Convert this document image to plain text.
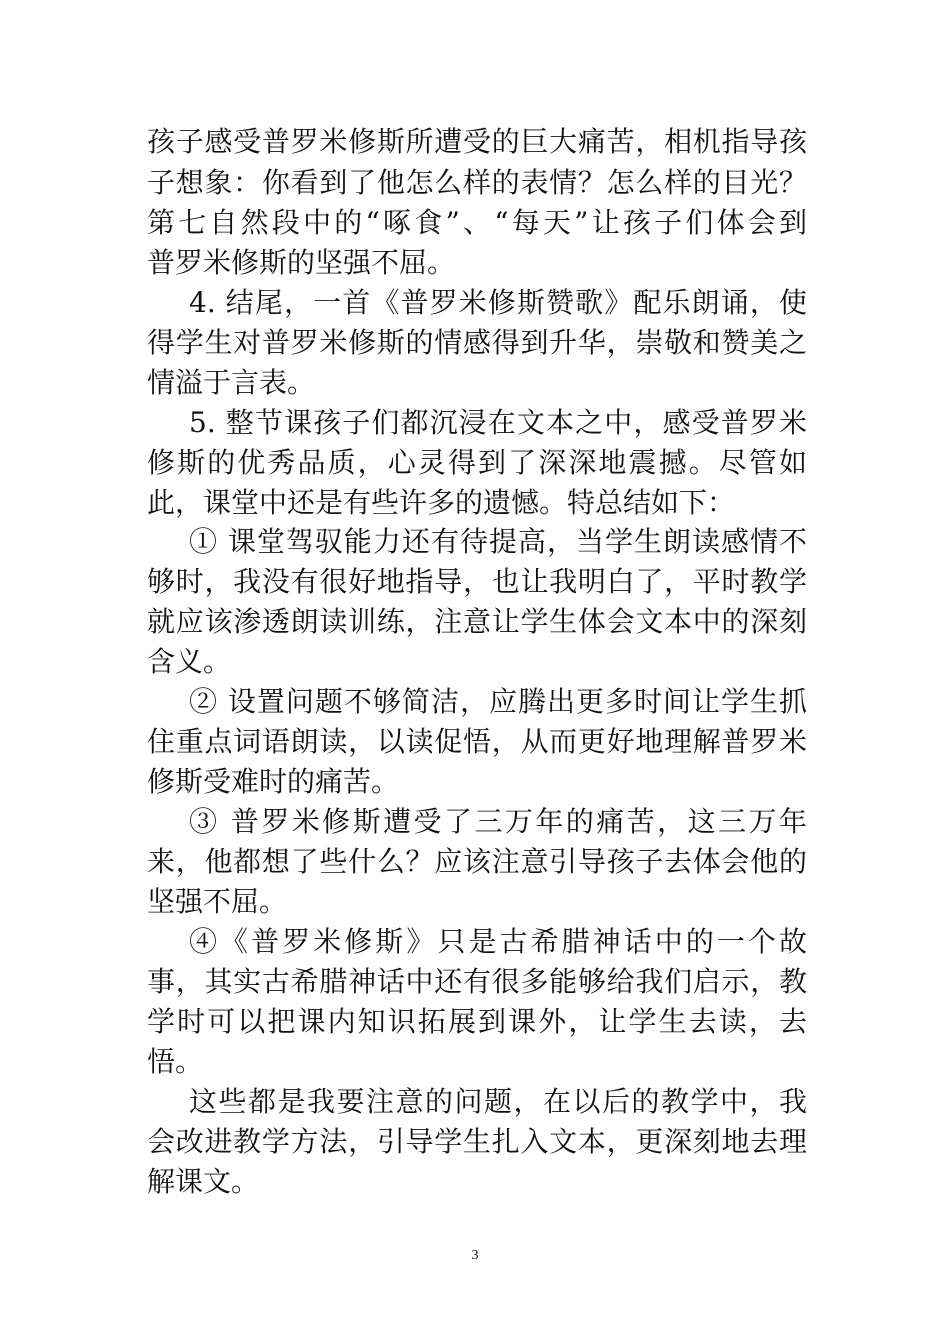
孩子感受普罗米修斯所遭受的巨大痛苦，相机指导孩
子想象：你看到了他怎么样的表情？怎么样的目光？
第七自然段中的“啄食”、“每天”让孩子们体会到
普罗米修斯的坚强不屈。
4. 结尾，一首《普罗米修斯赞歌》配乐朗诵，使
得学生对普罗米修斯的情感得到升华，崇敬和赞美之
情溢于言表。
5. 整节课孩子们都沉浸在文本之中，感受普罗米
修斯的优秀品质，心灵得到了深深地震撼。尽管如
此，课堂中还是有些许多的遗憾。特总结如下：
① 课堂驾驭能力还有待提高，当学生朗读感情不
够时，我没有很好地指导，也让我明白了，平时教学
就应该渗透朗读训练，注意让学生体会文本中的深刻
含义。
② 设置问题不够简洁，应腾出更多时间让学生抓
住重点词语朗读，以读促悟，从而更好地理解普罗米
修斯受难时的痛苦。
③ 普罗米修斯遭受了三万年的痛苦，这三万年
来，他都想了些什么？应该注意引导孩子去体会他的
坚强不屈。
④《普罗米修斯》只是古希腊神话中的一个故
事，其实古希腊神话中还有很多能够给我们启示，教
学时可以把课内知识拓展到课外，让学生去读，去
悟。
这些都是我要注意的问题，在以后的教学中，我
会改进教学方法，引导学生扎入文本，更深刻地去理
解课文。
3
